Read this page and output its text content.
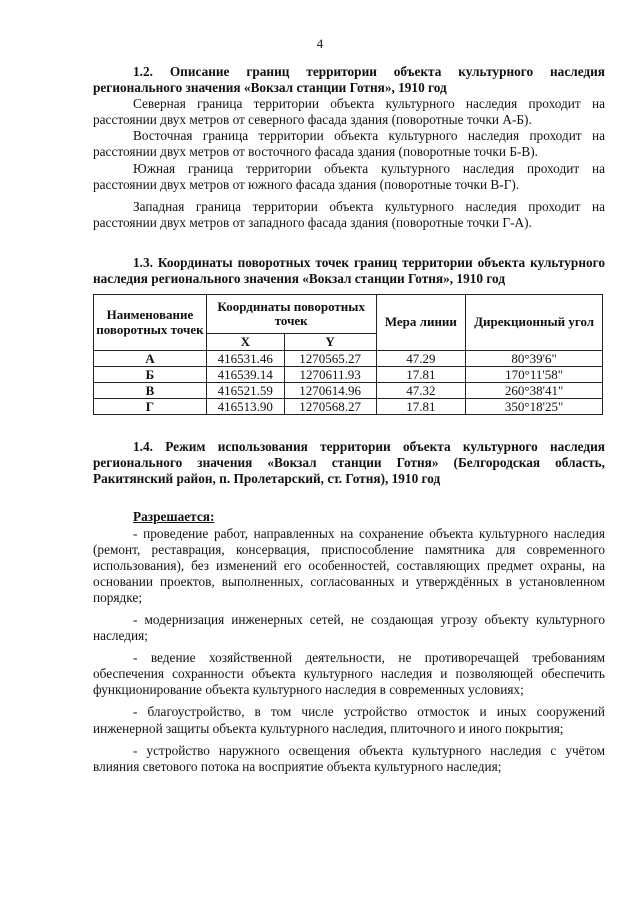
4
1.2. Описание границ территории объекта культурного наследия регионального значения «Вокзал станции Готня», 1910 год
Северная граница территории объекта культурного наследия проходит на расстоянии двух метров от северного фасада здания (поворотные точки А-Б).
Восточная граница территории объекта культурного наследия проходит на расстоянии двух метров от восточного фасада здания (поворотные точки Б-В).
Южная граница территории объекта культурного наследия проходит на расстоянии двух метров от южного фасада здания (поворотные точки В-Г).
Западная граница территории объекта культурного наследия проходит на расстоянии двух метров от западного фасада здания (поворотные точки Г-А).
1.3. Координаты поворотных точек границ территории объекта культурного наследия регионального значения «Вокзал станции Готня», 1910 год
Наименование поворотных точек	Координаты поворотных точек		Мера линии	Дирекционный угол
	X	Y		
А	416531.46	1270565.27	47.29	80°39'6"
Б	416539.14	1270611.93	17.81	170°11'58"
В	416521.59	1270614.96	47.32	260°38'41"
Г	416513.90	1270568.27	17.81	350°18'25"
1.4. Режим использования территории объекта культурного наследия регионального значения «Вокзал станции Готня» (Белгородская область, Ракитянский район, п. Пролетарский, ст. Готня), 1910 год
Разрешается:
- проведение работ, направленных на сохранение объекта культурного наследия (ремонт, реставрация, консервация, приспособление памятника для современного использования), без изменений его особенностей, составляющих предмет охраны, на основании проектов, выполненных, согласованных и утверждённых в установленном порядке;
- модернизация инженерных сетей, не создающая угрозу объекту культурного наследия;
- ведение хозяйственной деятельности, не противоречащей требованиям обеспечения сохранности объекта культурного наследия и позволяющей обеспечить функционирование объекта культурного наследия в современных условиях;
- благоустройство, в том числе устройство отмосток и иных сооружений инженерной защиты объекта культурного наследия, плиточного и иного покрытия;
- устройство наружного освещения объекта культурного наследия с учётом влияния светового потока на восприятие объекта культурного наследия;
